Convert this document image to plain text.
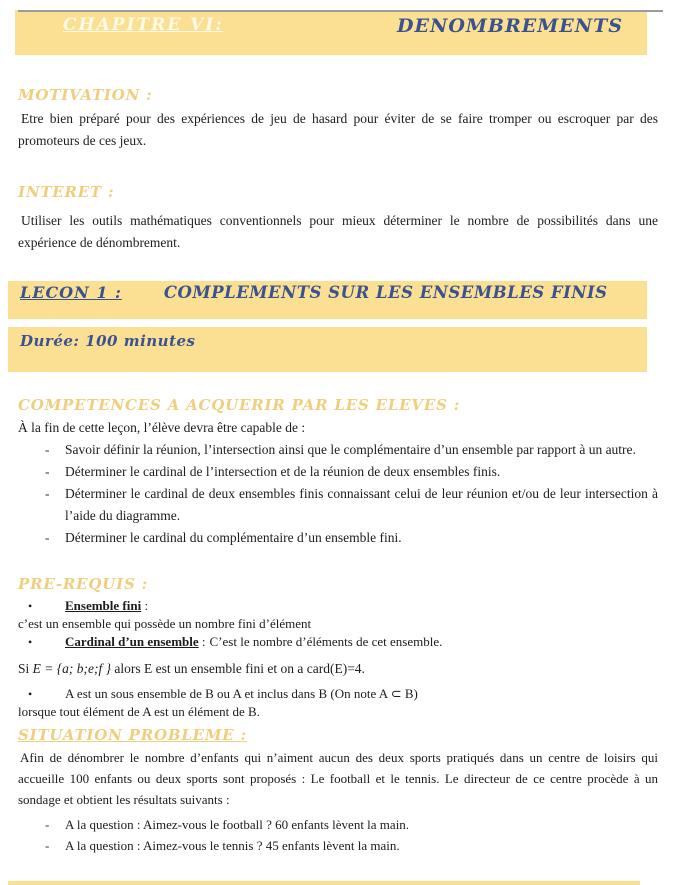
CHAPITRE VI:	DENOMBREMENTS
MOTIVATION :

Etre bien préparé pour des expériences de jeu de hasard pour éviter de se faire tromper ou escroquer par des promoteurs de ces jeux.

INTERET :

Utiliser les outils mathématiques conventionnels pour mieux déterminer le nombre de possibilités dans une expérience de dénombrement.

LECON 1 :	COMPLEMENTS SUR LES ENSEMBLES FINIS
Durée: 100 minutes
COMPETENCES A ACQUERIR PAR LES ELEVES :

À la fin de cette leçon, l’élève devra être capable de :

- Savoir définir la réunion, l’intersection ainsi que le complémentaire d’un ensemble par rapport à un autre.
- Déterminer le cardinal de l’intersection et de la réunion de deux ensembles finis.
- Déterminer le cardinal de deux ensembles finis connaissant celui de leur réunion et/ou de leur intersection à l’aide du diagramme.
- Déterminer le cardinal du complémentaire d’un ensemble fini.
PRE-REQUIS :
•	Ensemble fini :
c’est un ensemble qui possède un nombre fini d’élément
•	Cardinal d’un ensemble : C’est le nombre d’éléments de cet ensemble.
Si E = {a; b;e;f } alors E est un ensemble fini et on a card(E)=4.
•	A est un sous ensemble de B ou A et inclus dans B (On note A ⊂ B)
lorsque tout élément de A est un élément de B.
SITUATION PROBLEME :

Afin de dénombrer le nombre d’enfants qui n’aiment aucun des deux sports pratiqués dans un centre de loisirs qui accueille 100 enfants ou deux sports sont proposés : Le football et le tennis. Le directeur de ce centre procède à un sondage et obtient les résultats suivants :

- A la question : Aimez-vous le football ? 60 enfants lèvent la main.
- A la question : Aimez-vous le tennis ? 45 enfants lèvent la main.
